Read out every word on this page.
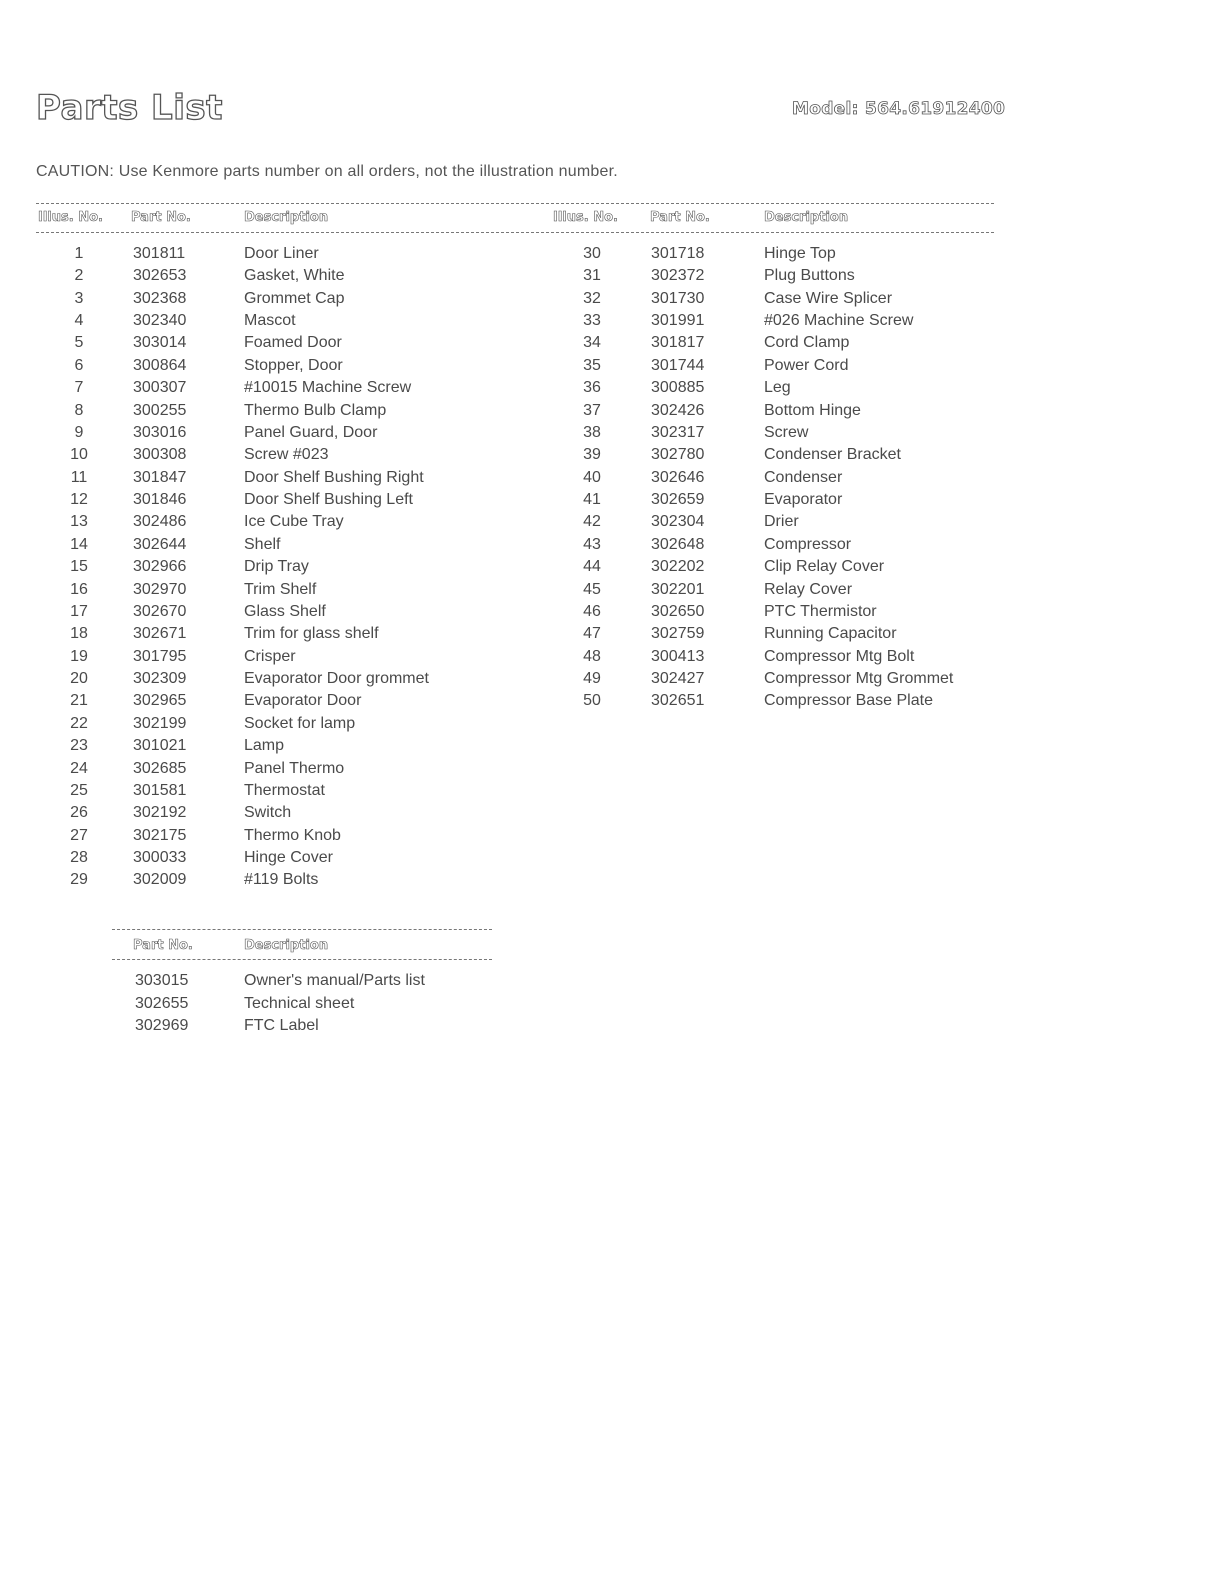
Parts List	Model: 564.61912400
CAUTION: Use Kenmore parts number on all orders, not the illustration number.
Illus. No. Part No.	Description	Illus. No. Part No.	Description
1	301811	Door Liner
2	302653	Gasket, White
3	302368	Grommet Cap
4	302340	Mascot
5	303014	Foamed Door
6	300864	Stopper, Door
7	300307	#10015 Machine Screw
8	300255	Thermo Bulb Clamp
9	303016	Panel Guard, Door
10	300308	Screw #023
11	301847	Door Shelf Bushing Right
12	301846	Door Shelf Bushing Left
13	302486	Ice Cube Tray
14	302644	Shelf
15	302966	Drip Tray
16	302970	Trim Shelf
17	302670	Glass Shelf
18	302671	Trim for glass shelf
19	301795	Crisper
20	302309	Evaporator Door grommet
21	302965	Evaporator Door
22	302199	Socket for lamp
23	301021	Lamp
24	302685	Panel Thermo
25	301581	Thermostat
26	302192	Switch
27	302175	Thermo Knob
28	300033	Hinge Cover
29	302009	#119 Bolts
30	301718	Hinge Top
31	302372	Plug Buttons
32	301730	Case Wire Splicer
33	301991	#026 Machine Screw
34	301817	Cord Clamp
35	301744	Power Cord
36	300885	Leg
37	302426	Bottom Hinge
38	302317	Screw
39	302780	Condenser Bracket
40	302646	Condenser
41	302659	Evaporator
42	302304	Drier
43	302648	Compressor
44	302202	Clip Relay Cover
45	302201	Relay Cover
46	302650	PTC Thermistor
47	302759	Running Capacitor
48	300413	Compressor Mtg Bolt
49	302427	Compressor Mtg Grommet
50	302651	Compressor Base Plate
Part No.	Description
303015	Owner's manual/Parts list
302655	Technical sheet
302969	FTC Label
